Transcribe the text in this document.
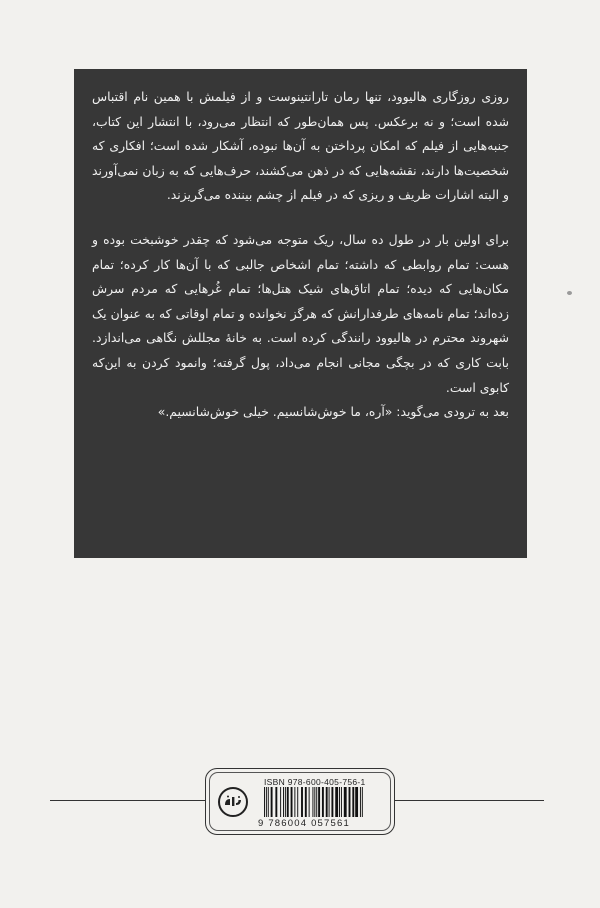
روزی روزگاری هالیوود، تنها رمان تارانتینوست و از فیلمش با همین نام اقتباس شده است؛ و نه برعکس. پس همان‌طور که انتظار می‌رود، با انتشار این کتاب، جنبه‌هایی از فیلم که امکان پرداختن به آن‌ها نبوده، آشکار شده است؛ افکاری که شخصیت‌ها دارند، نقشه‌هایی که در ذهن می‌کشند، حرف‌هایی که به زبان نمی‌آورند و البته اشارات ظریف و ریزی که در فیلم از چشم بیننده می‌گریزند.

برای اولین بار در طول ده سال، ریک متوجه می‌شود که چقدر خوشبخت بوده و هست: تمام روابطی که داشته؛ تمام اشخاص جالبی که با آن‌ها کار کرده؛ تمام مکان‌هایی که دیده؛ تمام اتاق‌های شیک هتل‌ها؛ تمام غُرهایی که مردم سرش زده‌اند؛ تمام نامه‌های طرفدارانش که هرگز نخوانده و تمام اوقاتی که به عنوان یک شهروند محترم در هالیوود رانندگی کرده است. به خانهٔ مجللش نگاهی می‌اندازد. بابت کاری که در بچگی مجانی انجام می‌داد، پول گرفته؛ وانمود کردن به این‌که کابوی است.

بعد به ترودی می‌گوید: «آره، ما خوش‌شانسیم. خیلی خوش‌شانسیم.»

ISBN 978-600-405-756-1
9 786004 057561
